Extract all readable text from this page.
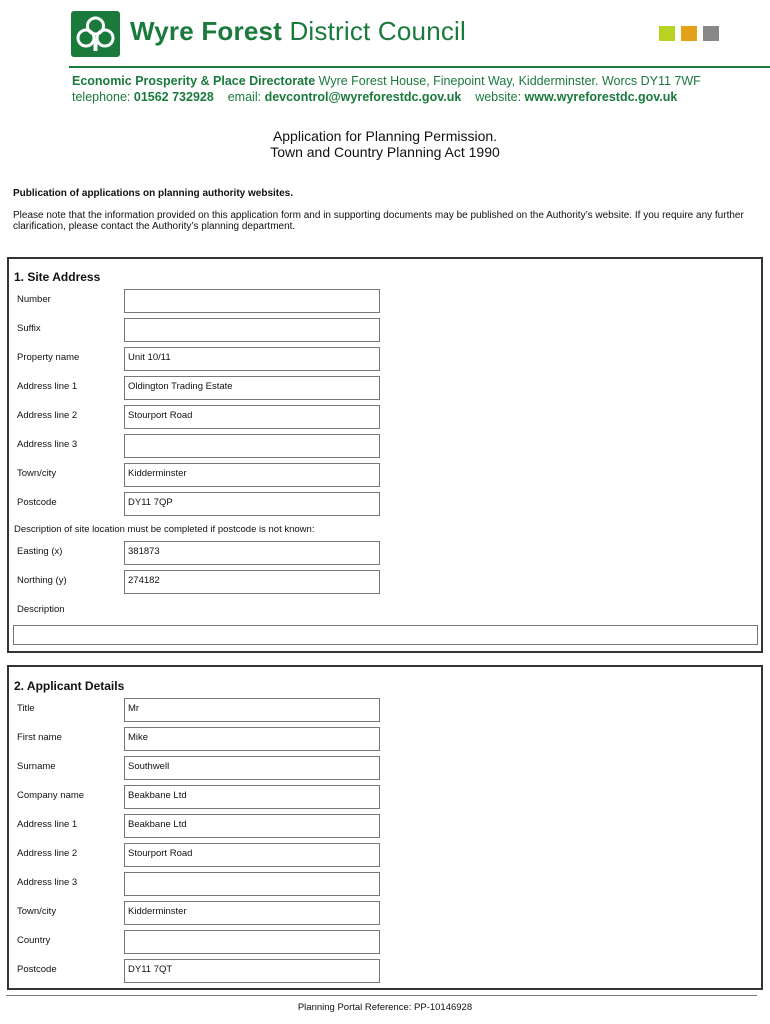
Wyre Forest District Council
Economic Prosperity & Place Directorate Wyre Forest House, Finepoint Way, Kidderminster. Worcs DY11 7WF
telephone: 01562 732928 email: devcontrol@wyreforestdc.gov.uk website: www.wyreforestdc.gov.uk
Application for Planning Permission.
Town and Country Planning Act 1990
Publication of applications on planning authority websites.
Please note that the information provided on this application form and in supporting documents may be published on the Authority’s website. If you require any further clarification, please contact the Authority’s planning department.
1. Site Address
Number
Suffix
Property name	Unit 10/11
Address line 1	Oldington Trading Estate
Address line 2	Stourport Road
Address line 3
Town/city	Kidderminster
Postcode	DY11 7QP
Description of site location must be completed if postcode is not known:
Easting (x)	381873
Northing (y)	274182
Description
2. Applicant Details
Title	Mr
First name	Mike
Surname	Southwell
Company name	Beakbane Ltd
Address line 1	Beakbane Ltd
Address line 2	Stourport Road
Address line 3
Town/city	Kidderminster
Country
Postcode	DY11 7QT
Planning Portal Reference: PP-10146928
